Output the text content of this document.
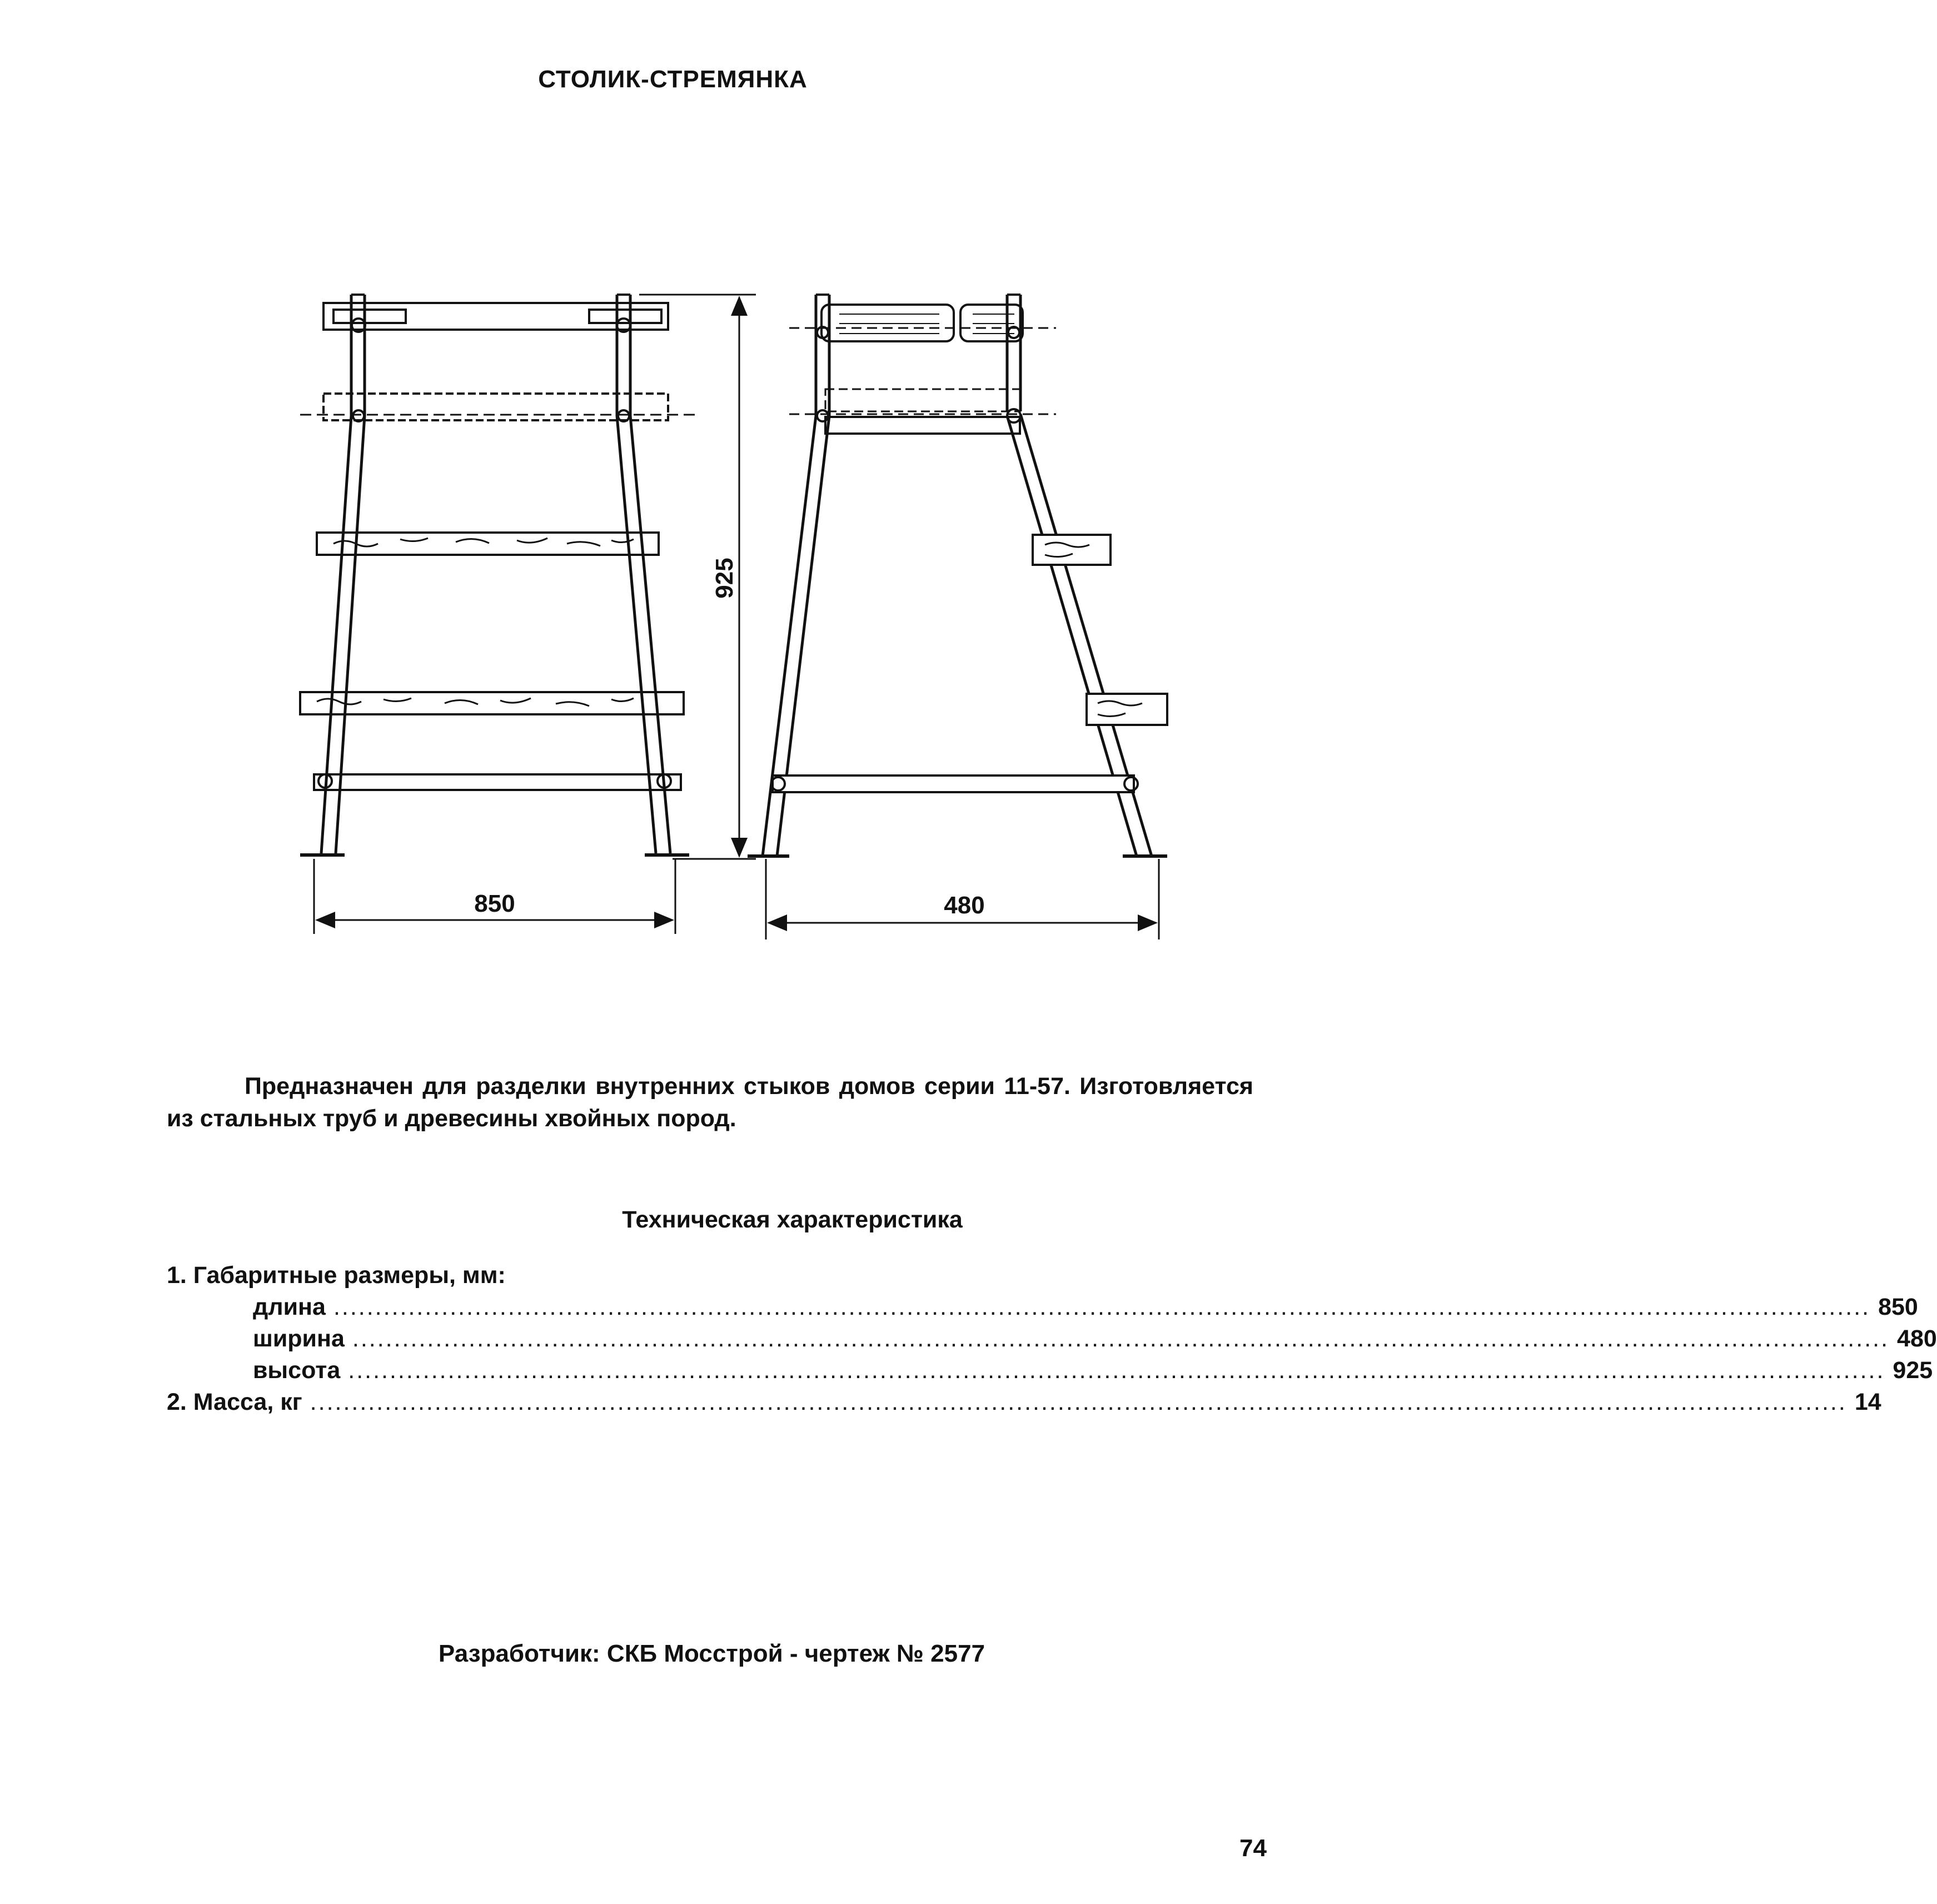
СТОЛИК-СТРЕМЯНКА
925
850	480

Предназначен для разделки внутренних стыков домов серии 11-57. Изготовляется из стальных труб и древесины хвойных пород.

Техническая характеристика
1. Габаритные размеры, мм:
длина ......................................................................................................................................................................................... 850
ширина ......................................................................................................................................................................................... 480
высота ......................................................................................................................................................................................... 925
2. Масса, кг ......................................................................................................................................................................................... 14
Разработчик: СКБ Мосстрой - чертеж № 2577
74
